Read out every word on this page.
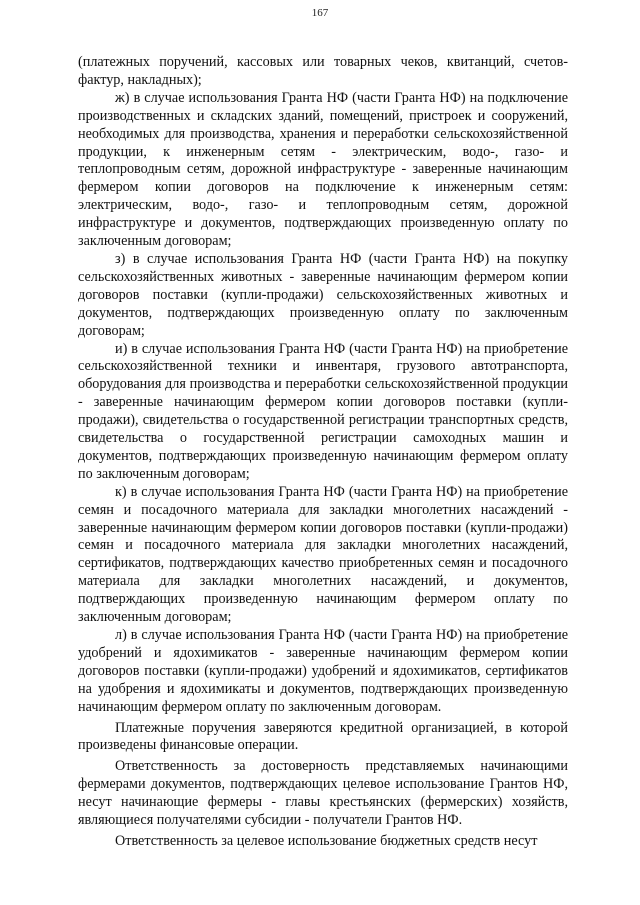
167

(платежных поручений, кассовых или товарных чеков, квитанций, счетов-фактур, накладных);

ж) в случае использования Гранта НФ (части Гранта НФ) на подключение производственных и складских зданий, помещений, пристроек и сооружений, необходимых для производства, хранения и переработки сельскохозяйственной продукции, к инженерным сетям - электрическим, водо-, газо- и теплопроводным сетям, дорожной инфраструктуре - заверенные начинающим фермером копии договоров на подключение к инженерным сетям: электрическим, водо-, газо- и теплопроводным сетям, дорожной инфраструктуре и документов, подтверждающих произведенную оплату по заключенным договорам;

з) в случае использования Гранта НФ (части Гранта НФ) на покупку сельскохозяйственных животных - заверенные начинающим фермером копии договоров поставки (купли-продажи) сельскохозяйственных животных и документов, подтверждающих произведенную оплату по заключенным договорам;

и) в случае использования Гранта НФ (части Гранта НФ) на приобретение сельскохозяйственной техники и инвентаря, грузового автотранспорта, оборудования для производства и переработки сельскохозяйственной продукции - заверенные начинающим фермером копии договоров поставки (купли-продажи), свидетельства о государственной регистрации транспортных средств, свидетельства о государственной регистрации самоходных машин и документов, подтверждающих произведенную начинающим фермером оплату по заключенным договорам;

к) в случае использования Гранта НФ (части Гранта НФ) на приобретение семян и посадочного материала для закладки многолетних насаждений - заверенные начинающим фермером копии договоров поставки (купли-продажи) семян и посадочного материала для закладки многолетних насаждений, сертификатов, подтверждающих качество приобретенных семян и посадочного материала для закладки многолетних насаждений, и документов, подтверждающих произведенную начинающим фермером оплату по заключенным договорам;

л) в случае использования Гранта НФ (части Гранта НФ) на приобретение удобрений и ядохимикатов - заверенные начинающим фермером копии договоров поставки (купли-продажи) удобрений и ядохимикатов, сертификатов на удобрения и ядохимикаты и документов, подтверждающих произведенную начинающим фермером оплату по заключенным договорам.

Платежные поручения заверяются кредитной организацией, в которой произведены финансовые операции.

Ответственность за достоверность представляемых начинающими фермерами документов, подтверждающих целевое использование Грантов НФ, несут начинающие фермеры - главы крестьянских (фермерских) хозяйств, являющиеся получателями субсидии - получатели Грантов НФ.

Ответственность за целевое использование бюджетных средств несут
